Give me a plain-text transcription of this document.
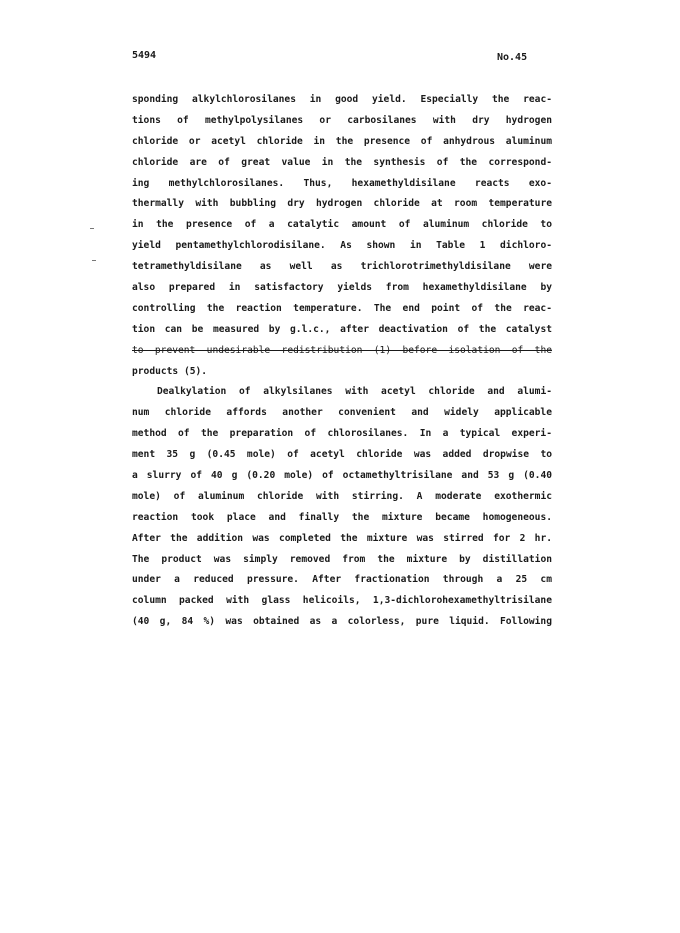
5494	No.45
sponding alkylchlorosilanes in good yield. Especially the reac-
tions of methylpolysilanes or carbosilanes with dry hydrogen
chloride or acetyl chloride in the presence of anhydrous aluminum
chloride are of great value in the synthesis of the correspond-
ing methylchlorosilanes. Thus, hexamethyldisilane reacts exo-
thermally with bubbling dry hydrogen chloride at room temperature
in the presence of a catalytic amount of aluminum chloride to
yield pentamethylchlorodisilane. As shown in Table 1 dichloro-
tetramethyldisilane as well as trichlorotrimethyldisilane were
also prepared in satisfactory yields from hexamethyldisilane by
controlling the reaction temperature. The end point of the reac-
tion can be measured by g.l.c., after deactivation of the catalyst
to prevent undesirable redistribution (1) before isolation of the
products (5).
Dealkylation of alkylsilanes with acetyl chloride and alumi-
num chloride affords another convenient and widely applicable
method of the preparation of chlorosilanes. In a typical experi-
ment 35 g (0.45 mole) of acetyl chloride was added dropwise to
a slurry of 40 g (0.20 mole) of octamethyltrisilane and 53 g (0.40
mole) of aluminum chloride with stirring. A moderate exothermic
reaction took place and finally the mixture became homogeneous.
After the addition was completed the mixture was stirred for 2 hr.
The product was simply removed from the mixture by distillation
under a reduced pressure. After fractionation through a 25 cm
column packed with glass helicoils, 1,3-dichlorohexamethyltrisilane
(40 g, 84 %) was obtained as a colorless, pure liquid. Following
